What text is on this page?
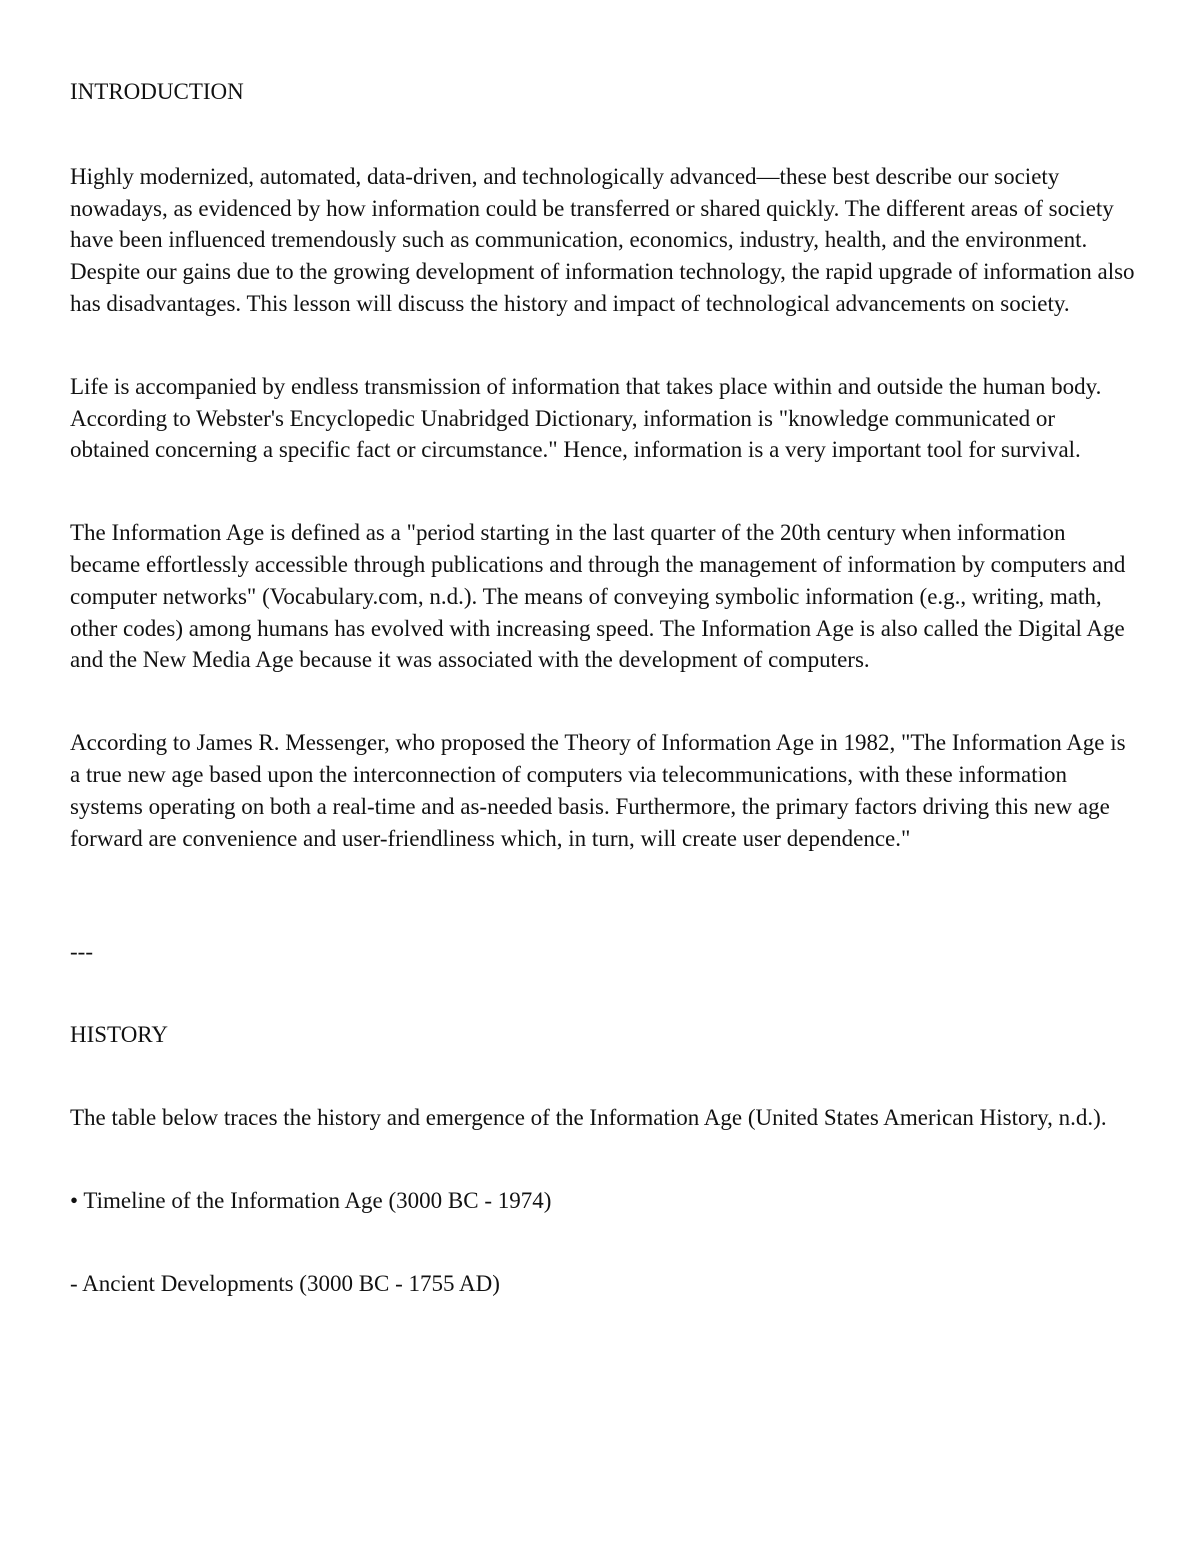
INTRODUCTION

Highly modernized, automated, data-driven, and technologically advanced—these best describe our society nowadays, as evidenced by how information could be transferred or shared quickly. The different areas of society have been influenced tremendously such as communication, economics, industry, health, and the environment. Despite our gains due to the growing development of information technology, the rapid upgrade of information also has disadvantages. This lesson will discuss the history and impact of technological advancements on society.

Life is accompanied by endless transmission of information that takes place within and outside the human body. According to Webster's Encyclopedic Unabridged Dictionary, information is "knowledge communicated or obtained concerning a specific fact or circumstance." Hence, information is a very important tool for survival.

The Information Age is defined as a "period starting in the last quarter of the 20th century when information became effortlessly accessible through publications and through the management of information by computers and computer networks" (Vocabulary.com, n.d.). The means of conveying symbolic information (e.g., writing, math, other codes) among humans has evolved with increasing speed. The Information Age is also called the Digital Age and the New Media Age because it was associated with the development of computers.

According to James R. Messenger, who proposed the Theory of Information Age in 1982, "The Information Age is a true new age based upon the interconnection of computers via telecommunications, with these information systems operating on both a real-time and as-needed basis. Furthermore, the primary factors driving this new age forward are convenience and user-friendliness which, in turn, will create user dependence."

---

HISTORY

The table below traces the history and emergence of the Information Age (United States American History, n.d.).

• Timeline of the Information Age (3000 BC - 1974)

- Ancient Developments (3000 BC - 1755 AD)
